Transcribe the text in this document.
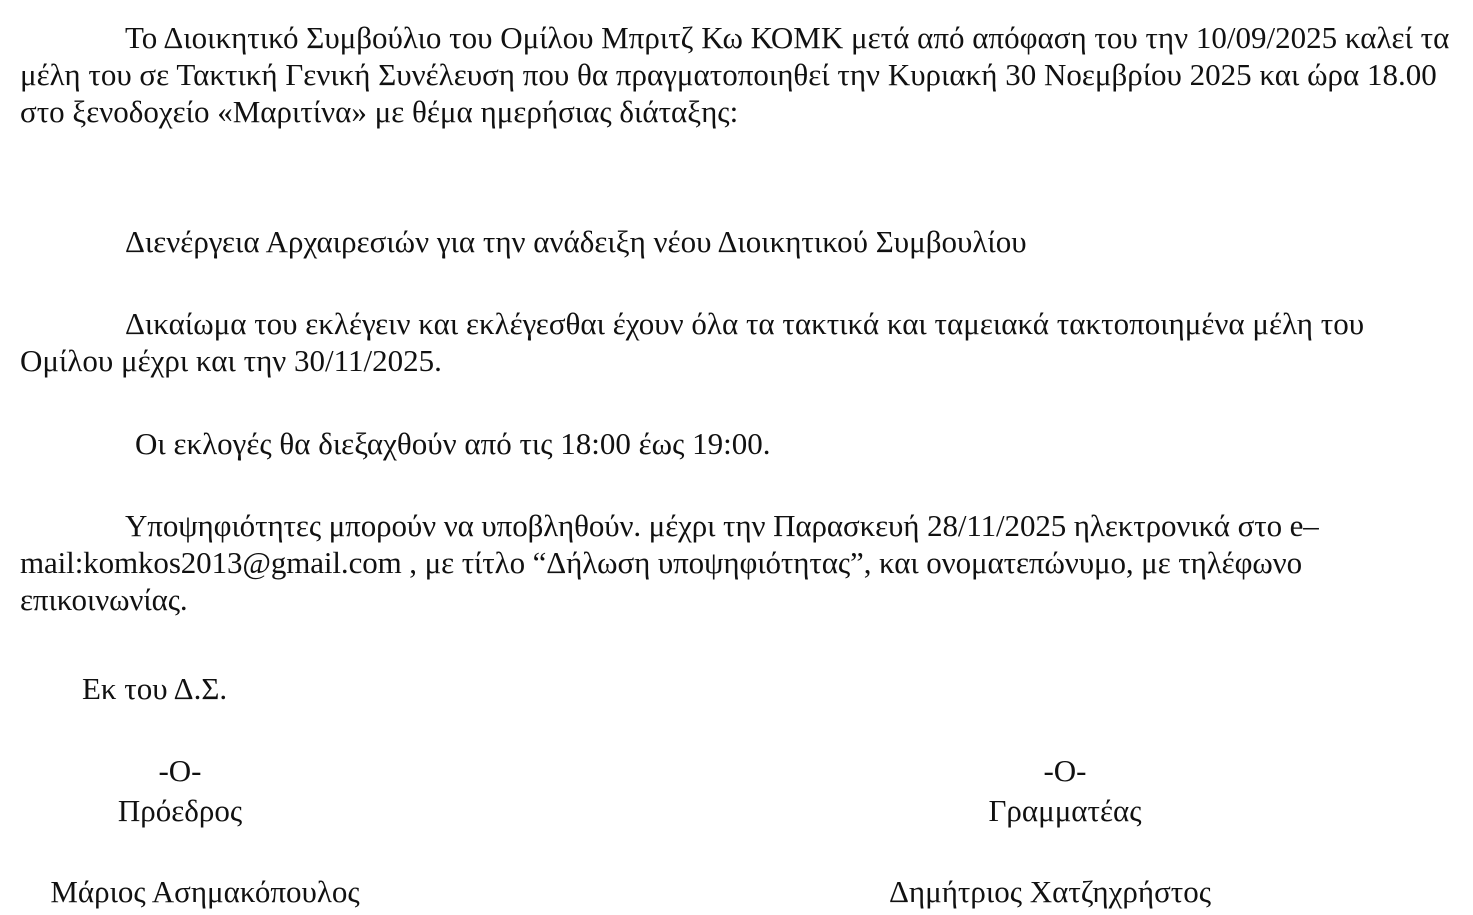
Το Διοικητικό Συμβούλιο του Ομίλου Μπριτζ Κω ΚΟΜΚ μετά από απόφαση του την 10/09/2025 καλεί τα μέλη του σε Τακτική Γενική Συνέλευση που θα πραγματοποιηθεί την Κυριακή 30 Νοεμβρίου 2025 και ώρα 18.00 στο ξενοδοχείο «Μαριτίνα» με θέμα ημερήσιας διάταξης:

Διενέργεια Αρχαιρεσιών για την ανάδειξη νέου Διοικητικού Συμβουλίου

Δικαίωμα του εκλέγειν και εκλέγεσθαι έχουν όλα τα τακτικά και ταμειακά τακτοποιημένα μέλη του Ομίλου μέχρι και την 30/11/2025.

Οι εκλογές θα διεξαχθούν από τις 18:00 έως 19:00.

Υποψηφιότητες μπορούν να υποβληθούν. μέχρι την Παρασκευή 28/11/2025 ηλεκτρονικά στο e–mail:komkos2013@gmail.com , με τίτλο “Δήλωση υποψηφιότητας”, και ονοματεπώνυμο, με τηλέφωνο επικοινωνίας.

Εκ του Δ.Σ.

-Ο-
Πρόεδρος
Μάριος Ασημακόπουλος
-Ο-
Γραμματέας
Δημήτριος Χατζηχρήστος
